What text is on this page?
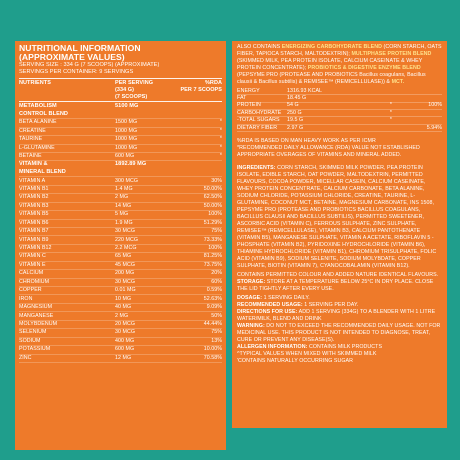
NUTRITIONAL INFORMATION
(APPROXIMATE VALUES)
SERVING SIZE : 334 G (7 SCOOPS) (APPROXIMATE)
SERVINGS PER CONTAINER: 9 SERVINGS
NUTRIENTS	PER SERVING
(334 G)
(7 SCOOPS)
%RDA
PER 7 SCOOPS
METABOLISM	5100 MG
CONTROL BLEND
BETA ALANINE	1500 MG	*
CREATINE	1000 MG	*
TAURINE	1000 MG	*
L-GLUTAMINE	1000 MG	*
BETAINE	600 MG	*
VITAMIN &	1892.89 MG
MINERAL BLEND
VITAMIN A	300 MCG	30%
VITAMIN B1	1.4 MG	50.00%
VITAMIN B2	2 MG	62.50%
VITAMIN B3	14 MG	50.00%
VITAMIN B5	5 MG	100%
VITAMIN B6	1.9 MG	51.29%
VITAMIN B7	30 MCG	75%
VITAMIN B9	220 MCG	73.33%
VITAMIN B12	2.2 MCG	100%
VITAMIN C	65 MG	81.25%
VITAMIN E	45 MCG	73.75%
CALCIUM	200 MG	20%
CHROMIUM	30 MCG	60%
COPPER	0.01 MG	0.59%
IRON	10 MG	52.63%
MAGNESIUM	40 MG	9.09%
MANGANESE	2 MG	50%
MOLYBDENUM	20 MCG	44.44%
SELENIUM	30 MCG	75%
SODIUM	400 MG	13%
POTASSIUM	600 MG	10.00%
ZINC	12 MG	70.58%

ALSO CONTAINS ENERGIZING CARBOHYDRATE BLEND (CORN STARCH, OATS FIBER, TAPIOCA STARCH, MALTODEXTRIN); MULTIPHASE PROTEIN BLEND (SKIMMED MILK, PEA PROTEIN ISOLATE, CALCIUM CASEINATE & WHEY PROTEIN CONCENTRATE); PROBIOTICS & DIGESTIVE ENZYME BLEND (PEPSYME PRO (PROTEASE AND PROBIOTICS Bacillus coagulans, Bacillus clausii & Bacillus subtilis) & REMISEE™ (REMICELLULASE)) & MCT.

ENERGY	1316.93 KCAL
FAT	18.45 G
PROTEIN	54 G	*	100%
CARBOHYDRATE	250 G	*
-TOTAL SUGARS	19.5 G	*
DIETARY FIBER	2.97 G	5.94%

%RDA IS BASED ON MAN HEAVY WORK AS PER ICMR

*RECOMMENDED DAILY ALLOWANCE (RDA) VALUE NOT ESTABLISHED

APPROPRIATE OVERAGES OF VITAMINS AND MINERAL ADDED.

INGREDIENTS: CORN STARCH, SKIMMED MILK POWDER, PEA PROTEIN ISOLATE, EDIBLE STARCH, OAT POWDER, MALTODEXTRIN, PERMITTED FLAVOURS, COCOA POWDER, MICELLAR CASEIN, CALCIUM CASEINATE, WHEY PROTEIN CONCENTRATE, CALCIUM CARBONATE, BETA ALANINE, SODIUM CHLORIDE, POTASSIUM CHLORIDE, CREATINE, TAURINE, L-GLUTAMINE, COCONUT MCT, BETAINE, MAGNESIUM CARBONATE, INS 1508, PEPSYME PRO (PROTEASE AND PROBIOTICS BACILLUS COAGULANS, BACILLUS CLAUSII AND BACILLUS SUBTILIS), PERMITTED SWEETENER, ASCORBIC ACID (VITAMIN C), FERROUS SULPHATE, ZINC SULPHATE, REMISEE™ (REMICELLULASE), VITAMIN B3, CALCIUM PANTOTHENATE (VITAMIN B5), MANGANESE SULPHATE, VITAMIN A ACETATE, RIBOFLAVIN 5 - PHOSPHATE (VITAMIN B2), PYRIDOXINE HYDROCHLORIDE (VITAMIN B6), THIAMINE HYDROCHLORIDE (VITAMIN B1), CHROMIUM TRISULPHATE, FOLIC ACID (VITAMIN B9), SODIUM SELENITE, SODIUM MOLYBDATE, COPPER SULPHATE, BIOTIN (VITAMIN 7), CYANOCOBALAMIN (VITAMIN B12).

CONTAINS PERMITTED COLOUR AND ADDED NATURE IDENTICAL FLAVOURS.

STORAGE: STORE AT A TEMPERATURE BELOW 25°C IN DRY PLACE. CLOSE THE LID TIGHTLY AFTER EVERY USE.

DOSAGE: 1 SERVING DAILY.

RECOMMENDED USAGE: 1 SERVING PER DAY.

DIRECTIONS FOR USE: ADD 1 SERVING (334G) TO A BLENDER WITH 1 LITRE WATER/MILK, BLEND AND DRINK

WARNING: DO NOT TO EXCEED THE RECOMMENDED DAILY USAGE. NOT FOR MEDICINAL USE. THIS PRODUCT IS NOT INTENDED TO DIAGNOSE, TREAT, CURE OR PREVENT ANY DISEASE(S).

ALLERGEN INFORMATION: CONTAINS MILK PRODUCTS

^TYPICAL VALUES WHEN MIXED WITH SKIMMED MILK

'CONTAINS NATURALLY OCCURRING SUGAR
